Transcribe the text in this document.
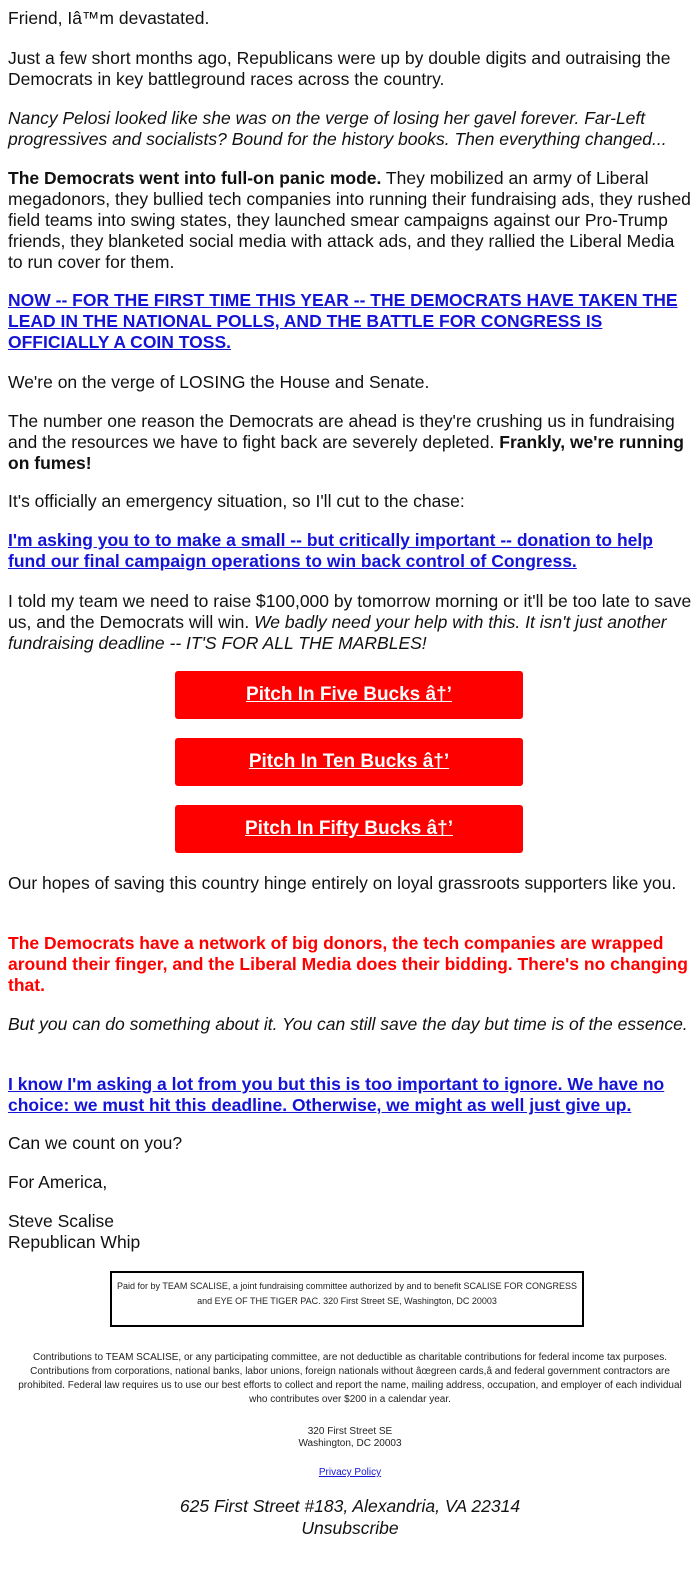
Friend, Iâ™m devastated.

Just a few short months ago, Republicans were up by double digits and outraising the Democrats in key battleground races across the country.

Nancy Pelosi looked like she was on the verge of losing her gavel forever. Far-Left progressives and socialists? Bound for the history books. Then everything changed...

The Democrats went into full-on panic mode. They mobilized an army of Liberal megadonors, they bullied tech companies into running their fundraising ads, they rushed field teams into swing states, they launched smear campaigns against our Pro-Trump friends, they blanketed social media with attack ads, and they rallied the Liberal Media to run cover for them.

NOW -- FOR THE FIRST TIME THIS YEAR -- THE DEMOCRATS HAVE TAKEN THE LEAD IN THE NATIONAL POLLS, AND THE BATTLE FOR CONGRESS IS OFFICIALLY A COIN TOSS.

We're on the verge of LOSING the House and Senate.

The number one reason the Democrats are ahead is they're crushing us in fundraising and the resources we have to fight back are severely depleted. Frankly, we're running on fumes!

It's officially an emergency situation, so I'll cut to the chase:

I'm asking you to to make a small -- but critically important -- donation to help fund our final campaign operations to win back control of Congress.

I told my team we need to raise $100,000 by tomorrow morning or it'll be too late to save us, and the Democrats will win. We badly need your help with this. It isn't just another fundraising deadline -- IT'S FOR ALL THE MARBLES!

Pitch In Five Bucks â†’
Pitch In Ten Bucks â†’
Pitch In Fifty Bucks â†’

Our hopes of saving this country hinge entirely on loyal grassroots supporters like you.

The Democrats have a network of big donors, the tech companies are wrapped around their finger, and the Liberal Media does their bidding. There's no changing that.

But you can do something about it. You can still save the day but time is of the essence.

I know I'm asking a lot from you but this is too important to ignore. We have no choice: we must hit this deadline. Otherwise, we might as well just give up.

Can we count on you?

For America,

Steve Scalise

Republican Whip

Paid for by TEAM SCALISE, a joint fundraising committee authorized by and to benefit SCALISE FOR CONGRESS and EYE OF THE TIGER PAC. 320 First Street SE, Washington, DC 20003
Contributions to TEAM SCALISE, or any participating committee, are not deductible as charitable contributions for federal income tax purposes. Contributions from corporations, national banks, labor unions, foreign nationals without âœgreen cards,â and federal government contractors are prohibited. Federal law requires us to use our best efforts to collect and report the name, mailing address, occupation, and employer of each individual who contributes over $200 in a calendar year.
320 First Street SE
Washington, DC 20003
Privacy Policy
625 First Street #183, Alexandria, VA 22314
Unsubscribe
